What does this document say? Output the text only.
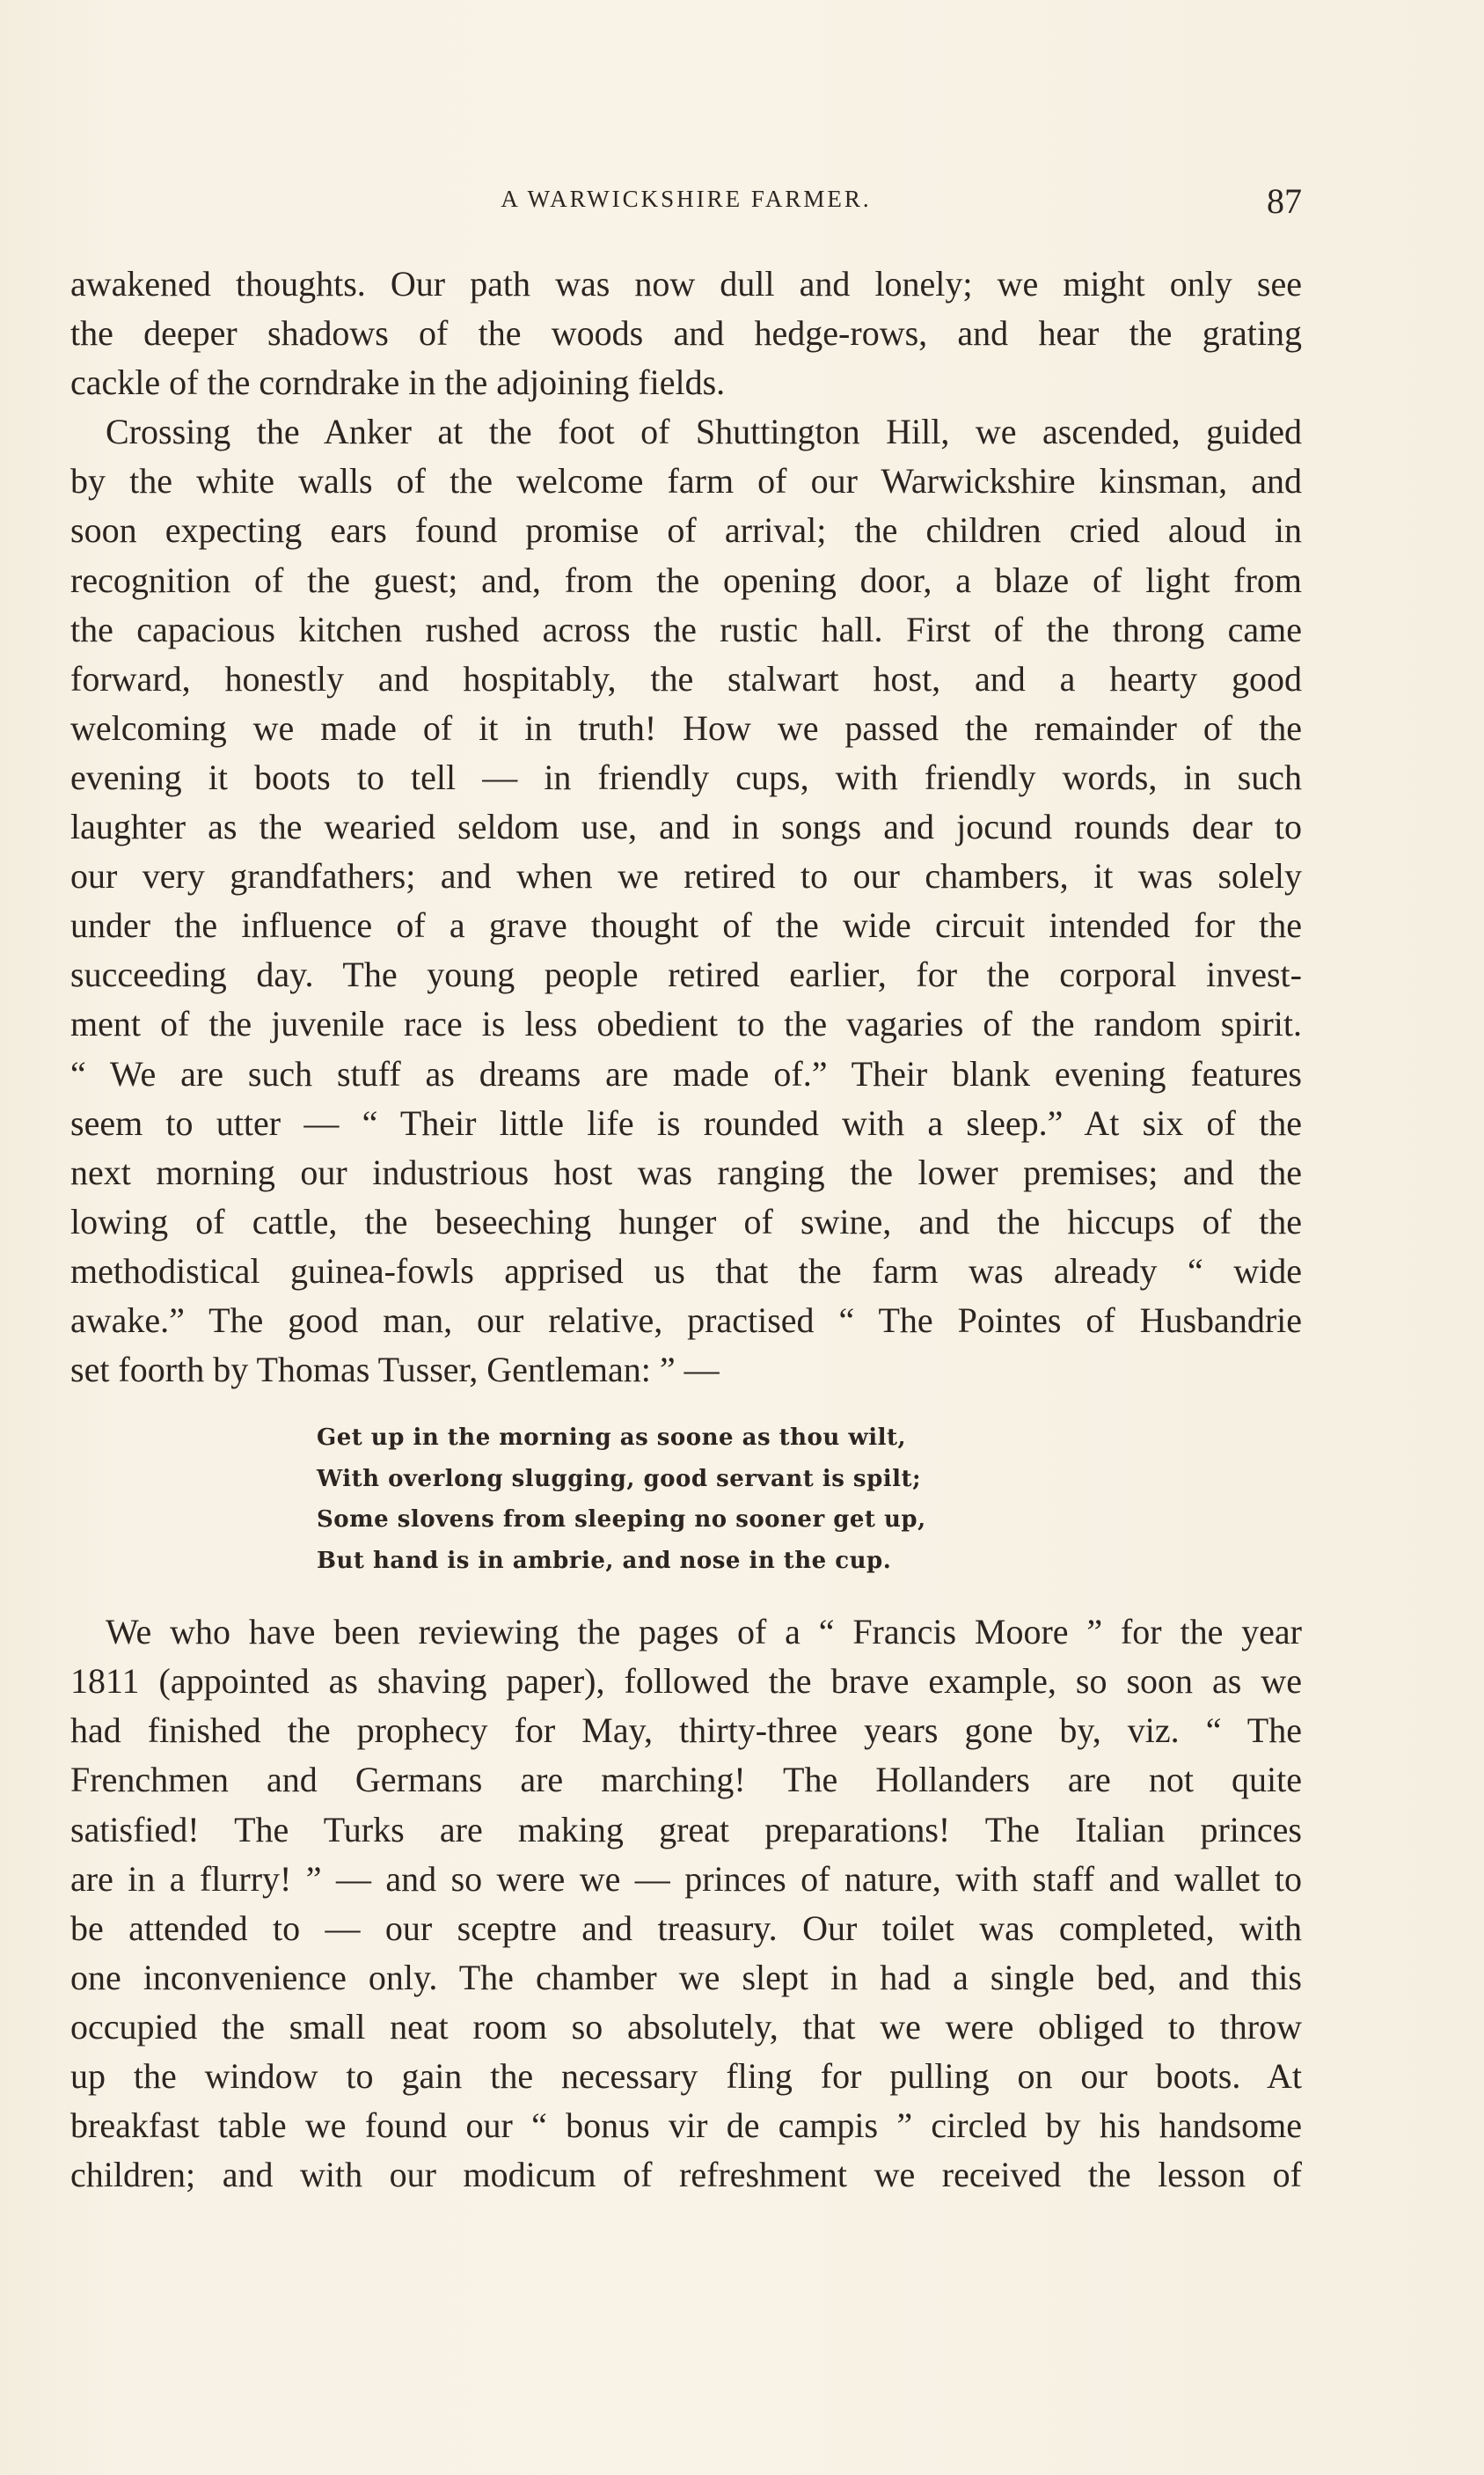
A WARWICKSHIRE FARMER.	87
awakened thoughts. Our path was now dull and lonely; we might only see
the deeper shadows of the woods and hedge-rows, and hear the grating
cackle of the corndrake in the adjoining fields.
Crossing the Anker at the foot of Shuttington Hill, we ascended, guided
by the white walls of the welcome farm of our Warwickshire kinsman, and
soon expecting ears found promise of arrival; the children cried aloud in
recognition of the guest; and, from the opening door, a blaze of light from
the capacious kitchen rushed across the rustic hall. First of the throng came
forward, honestly and hospitably, the stalwart host, and a hearty good
welcoming we made of it in truth! How we passed the remainder of the
evening it boots to tell — in friendly cups, with friendly words, in such
laughter as the wearied seldom use, and in songs and jocund rounds dear to
our very grandfathers; and when we retired to our chambers, it was solely
under the influence of a grave thought of the wide circuit intended for the
succeeding day. The young people retired earlier, for the corporal invest-
ment of the juvenile race is less obedient to the vagaries of the random spirit.
“ We are such stuff as dreams are made of.” Their blank evening features
seem to utter — “ Their little life is rounded with a sleep.” At six of the
next morning our industrious host was ranging the lower premises; and the
lowing of cattle, the beseeching hunger of swine, and the hiccups of the
methodistical guinea-fowls apprised us that the farm was already “ wide
awake.” The good man, our relative, practised “ The Pointes of Husbandrie
set foorth by Thomas Tusser, Gentleman: ” —
Get up in the morning as soone as thou wilt,
With overlong slugging, good servant is spilt;
Some slovens from sleeping no sooner get up,
But hand is in ambrie, and nose in the cup.
We who have been reviewing the pages of a “ Francis Moore ” for the year
1811 (appointed as shaving paper), followed the brave example, so soon as we
had finished the prophecy for May, thirty-three years gone by, viz. “ The
Frenchmen and Germans are marching! The Hollanders are not quite
satisfied! The Turks are making great preparations! The Italian princes
are in a flurry! ” — and so were we — princes of nature, with staff and wallet to
be attended to — our sceptre and treasury. Our toilet was completed, with
one inconvenience only. The chamber we slept in had a single bed, and this
occupied the small neat room so absolutely, that we were obliged to throw
up the window to gain the necessary fling for pulling on our boots. At
breakfast table we found our “ bonus vir de campis ” circled by his handsome
children; and with our modicum of refreshment we received the lesson of
